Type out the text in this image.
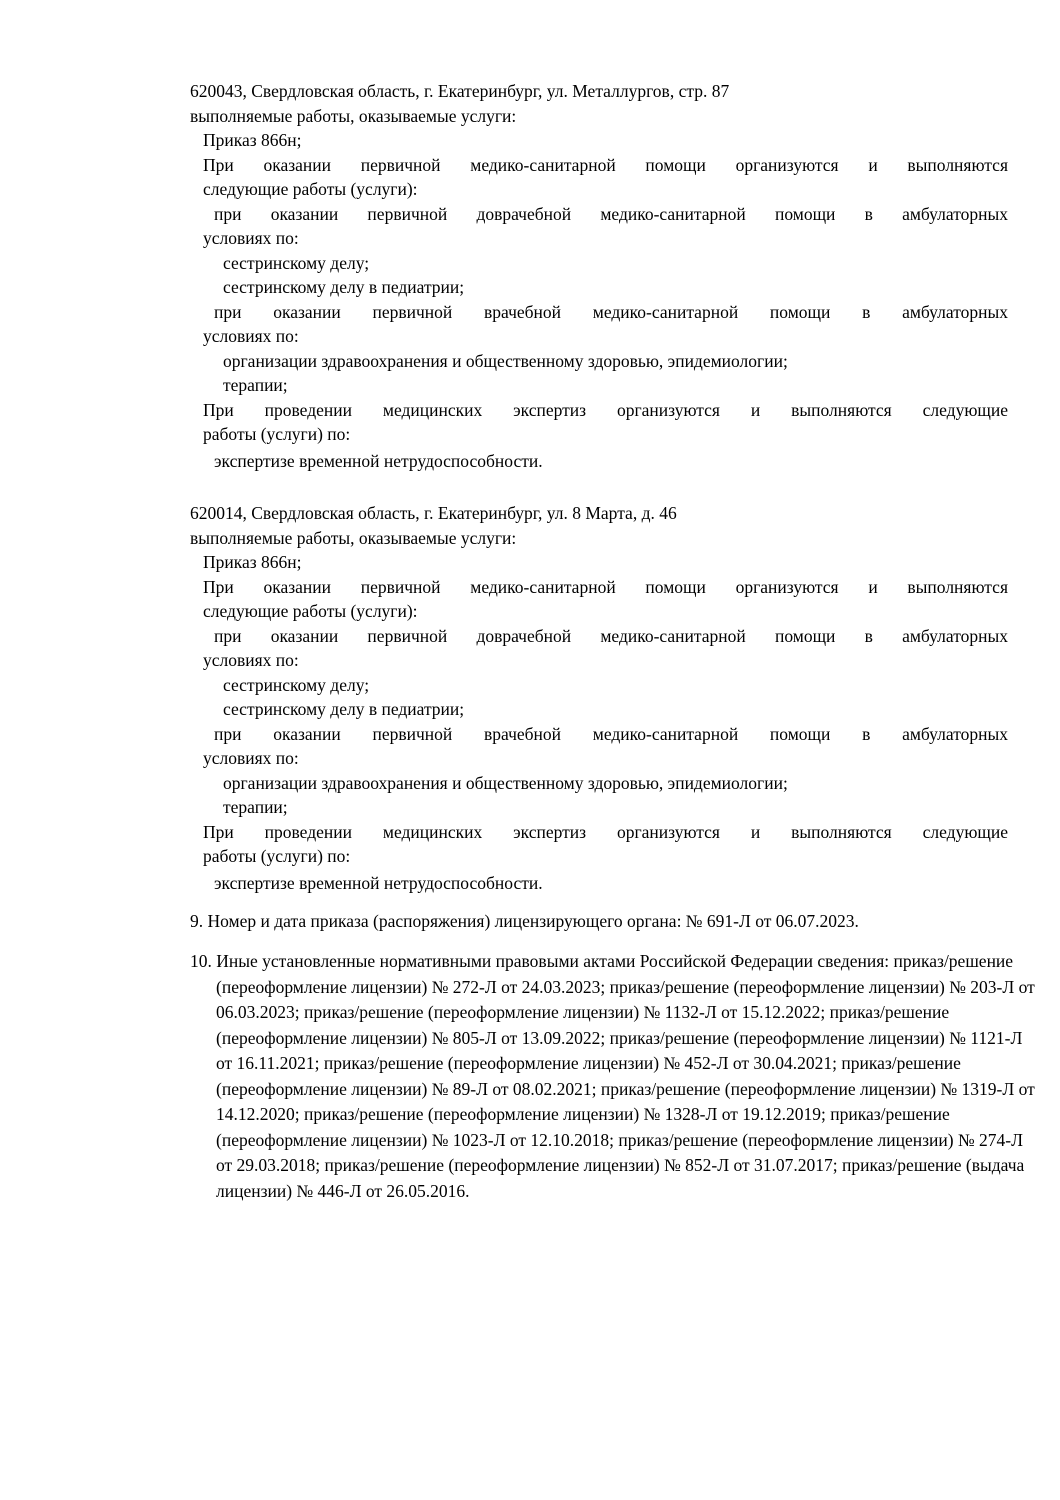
620043, Свердловская область, г. Екатеринбург, ул. Металлургов, стр. 87
выполняемые работы, оказываемые услуги:
Приказ 866н;
При оказании первичной медико-санитарной помощи организуются и выполняются
следующие работы (услуги):
при оказании первичной доврачебной медико-санитарной помощи в амбулаторных
условиях по:
сестринскому делу;
сестринскому делу в педиатрии;
при оказании первичной врачебной медико-санитарной помощи в амбулаторных
условиях по:
организации здравоохранения и общественному здоровью, эпидемиологии;
терапии;
При проведении медицинских экспертиз организуются и выполняются следующие
работы (услуги) по:
экспертизе временной нетрудоспособности.
620014, Свердловская область, г. Екатеринбург, ул. 8 Марта, д. 46
выполняемые работы, оказываемые услуги:
Приказ 866н;
При оказании первичной медико-санитарной помощи организуются и выполняются
следующие работы (услуги):
при оказании первичной доврачебной медико-санитарной помощи в амбулаторных
условиях по:
сестринскому делу;
сестринскому делу в педиатрии;
при оказании первичной врачебной медико-санитарной помощи в амбулаторных
условиях по:
организации здравоохранения и общественному здоровью, эпидемиологии;
терапии;
При проведении медицинских экспертиз организуются и выполняются следующие
работы (услуги) по:
экспертизе временной нетрудоспособности.
9. Номер и дата приказа (распоряжения) лицензирующего органа: № 691-Л от 06.07.2023.
10. Иные установленные нормативными правовыми актами Российской Федерации сведения: приказ/решение (переоформление лицензии) № 272-Л от 24.03.2023; приказ/решение (переоформление лицензии) № 203-Л от 06.03.2023; приказ/решение (переоформление лицензии) № 1132-Л от 15.12.2022; приказ/решение (переоформление лицензии) № 805-Л от 13.09.2022; приказ/решение (переоформление лицензии) № 1121-Л от 16.11.2021; приказ/решение (переоформление лицензии) № 452-Л от 30.04.2021; приказ/решение (переоформление лицензии) № 89-Л от 08.02.2021; приказ/решение (переоформление лицензии) № 1319-Л от 14.12.2020; приказ/решение (переоформление лицензии) № 1328-Л от 19.12.2019; приказ/решение (переоформление лицензии) № 1023-Л от 12.10.2018; приказ/решение (переоформление лицензии) № 274-Л от 29.03.2018; приказ/решение (переоформление лицензии) № 852-Л от 31.07.2017; приказ/решение (выдача лицензии) № 446-Л от 26.05.2016.
